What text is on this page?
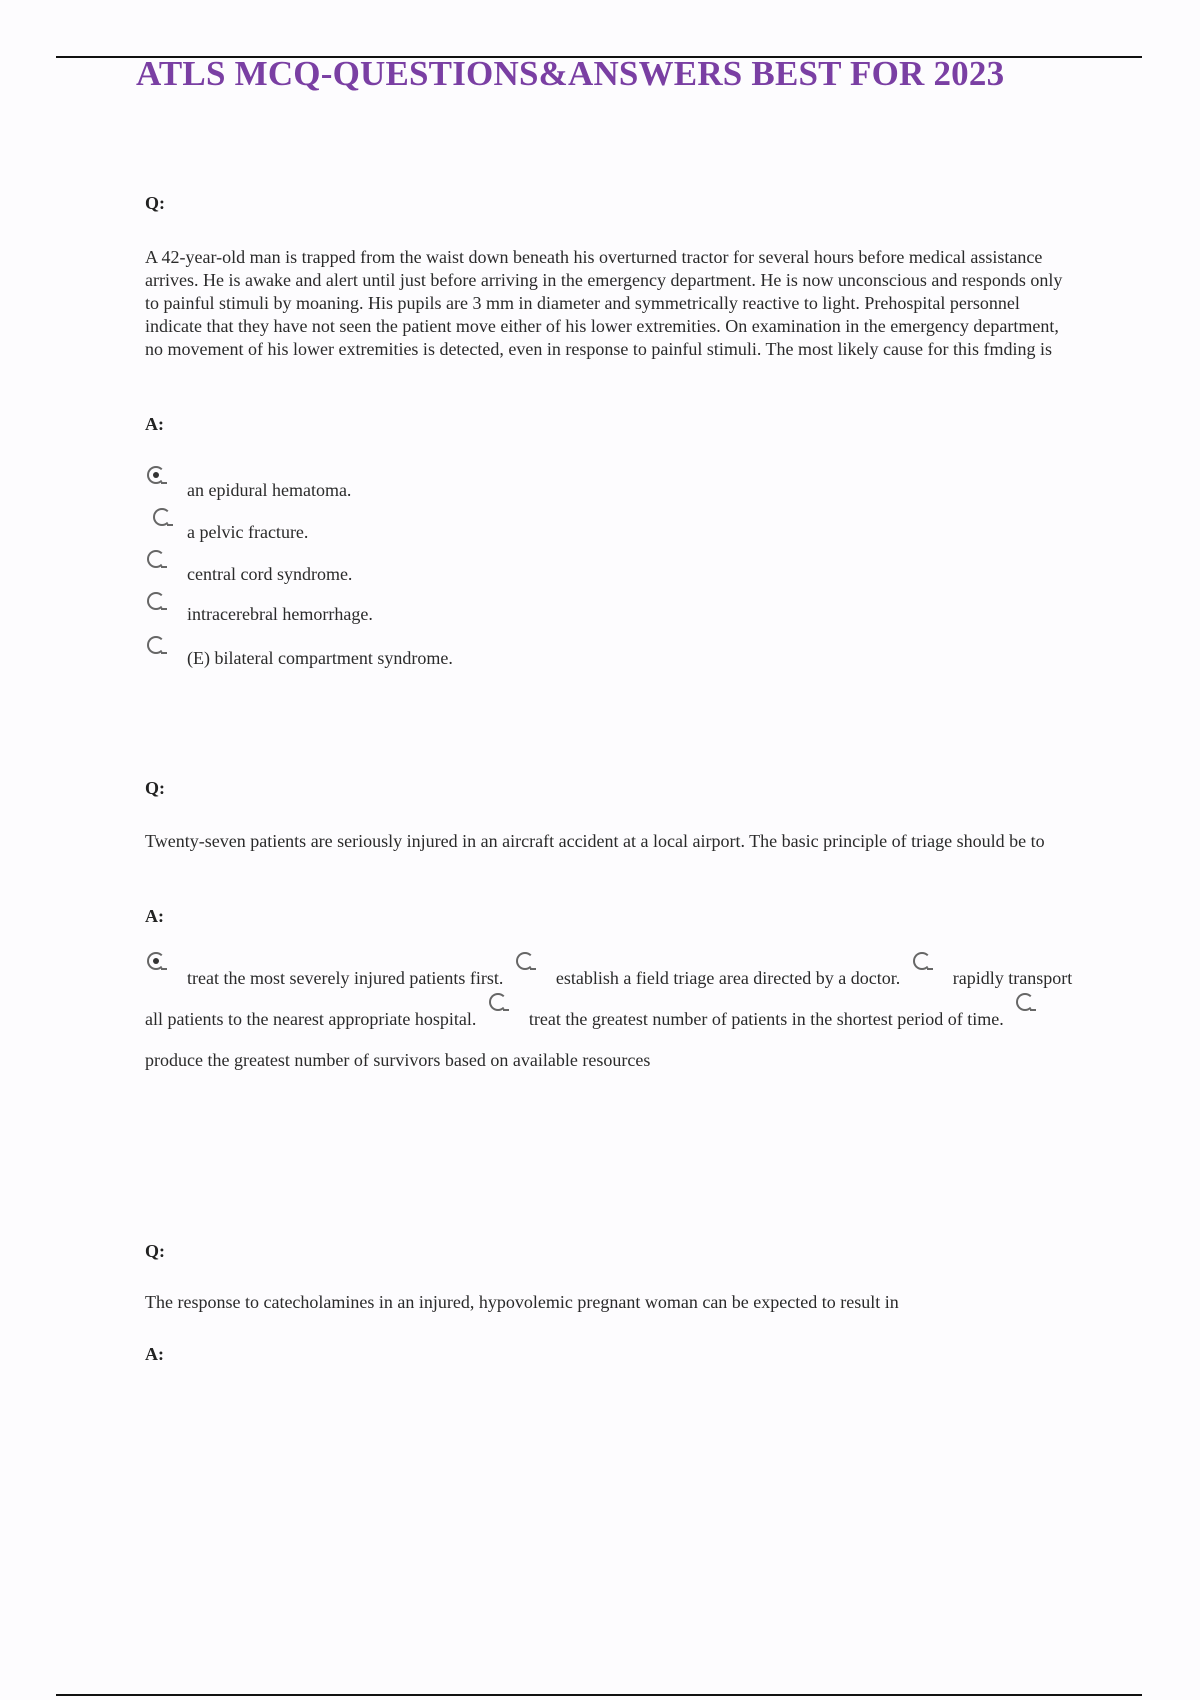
ATLS MCQ-QUESTIONS&ANSWERS BEST FOR 2023
Q:
A 42-year-old man is trapped from the waist down beneath his overturned tractor for several hours before medical assistance arrives. He is awake and alert until just before arriving in the emergency department. He is now unconscious and responds only to painful stimuli by moaning. His pupils are 3 mm in diameter and symmetrically reactive to light. Prehospital personnel indicate that they have not seen the patient move either of his lower extremities. On examination in the emergency department, no movement of his lower extremities is detected, even in response to painful stimuli. The most likely cause for this fmding is
A:
an epidural hematoma.
a pelvic fracture.
central cord syndrome.
intracerebral hemorrhage.
(E) bilateral compartment syndrome.
Q:
Twenty-seven patients are seriously injured in an aircraft accident at a local airport. The basic principle of triage should be to
A:
treat the most severely injured patients first.	establish a field triage area directed by a doctor.	rapidly transport all patients to the nearest appropriate hospital.	treat the greatest number of patients in the shortest period of time.
produce the greatest number of survivors based on available resources
Q:
The response to catecholamines in an injured, hypovolemic pregnant woman can be expected to result in
A:
